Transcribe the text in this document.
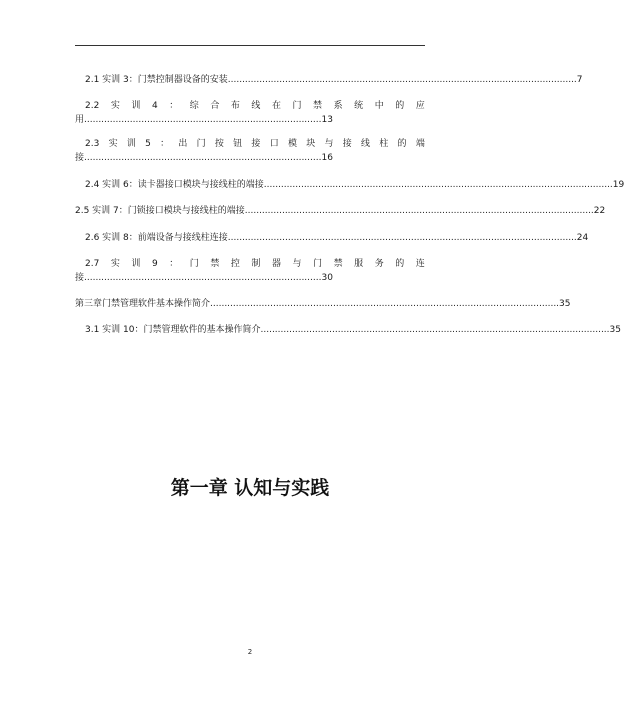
2.1 实训 3：门禁控制器设备的安装 .......................................................................................................................... 7
2.2 实 训 4 ： 综 合 布 线 在 门 禁 系 统 中 的 应
用 ................................................................................... 13
2.3 实 训 5 ： 出 门 按 钮 接 口 模 块 与 接 线 柱 的 端
接 ................................................................................... 16
2.4 实训 6：读卡器接口模块与接线柱的端接 .......................................................................................................................... 19
2.5 实训 7：门锁接口模块与接线柱的端接 .......................................................................................................................... 22
2.6 实训 8：前端设备与接线柱连接 .......................................................................................................................... 24
2.7 实 训 9 ： 门 禁 控 制 器 与 门 禁 服 务 的 连
接 ................................................................................... 30
第三章门禁管理软件基本操作简介 .......................................................................................................................... 35
3.1 实训 10：门禁管理软件的基本操作简介 .......................................................................................................................... 35
第一章 认知与实践
2
